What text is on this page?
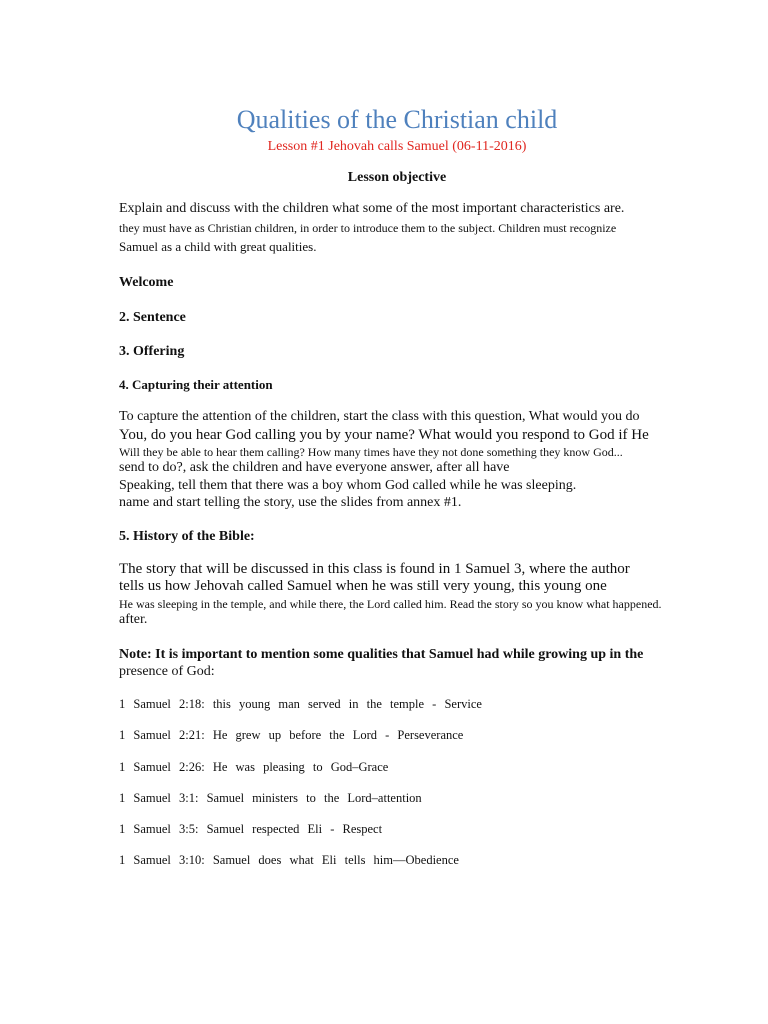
Qualities of the Christian child
Lesson #1 Jehovah calls Samuel (06-11-2016)
Lesson objective
Explain and discuss with the children what some of the most important characteristics are.
they must have as Christian children, in order to introduce them to the subject. Children must recognize
Samuel as a child with great qualities.
Welcome
2. Sentence
3. Offering
4. Capturing their attention
To capture the attention of the children, start the class with this question, What would you do
You, do you hear God calling you by your name? What would you respond to God if He
Will they be able to hear them calling? How many times have they not done something they know God...
send to do?, ask the children and have everyone answer, after all have
Speaking, tell them that there was a boy whom God called while he was sleeping.
name and start telling the story, use the slides from annex #1.
5. History of the Bible:
The story that will be discussed in this class is found in 1 Samuel 3, where the author
tells us how Jehovah called Samuel when he was still very young, this young one
He was sleeping in the temple, and while there, the Lord called him. Read the story so you know what happened.
after.
Note: It is important to mention some qualities that Samuel had while growing up in the
presence of God:
1 Samuel 2:18: this young man served in the temple - Service
1 Samuel 2:21: He grew up before the Lord - Perseverance
1 Samuel 2:26: He was pleasing to God–Grace
1 Samuel 3:1: Samuel ministers to the Lord–attention
1 Samuel 3:5: Samuel respected Eli - Respect
1 Samuel 3:10: Samuel does what Eli tells him—Obedience
